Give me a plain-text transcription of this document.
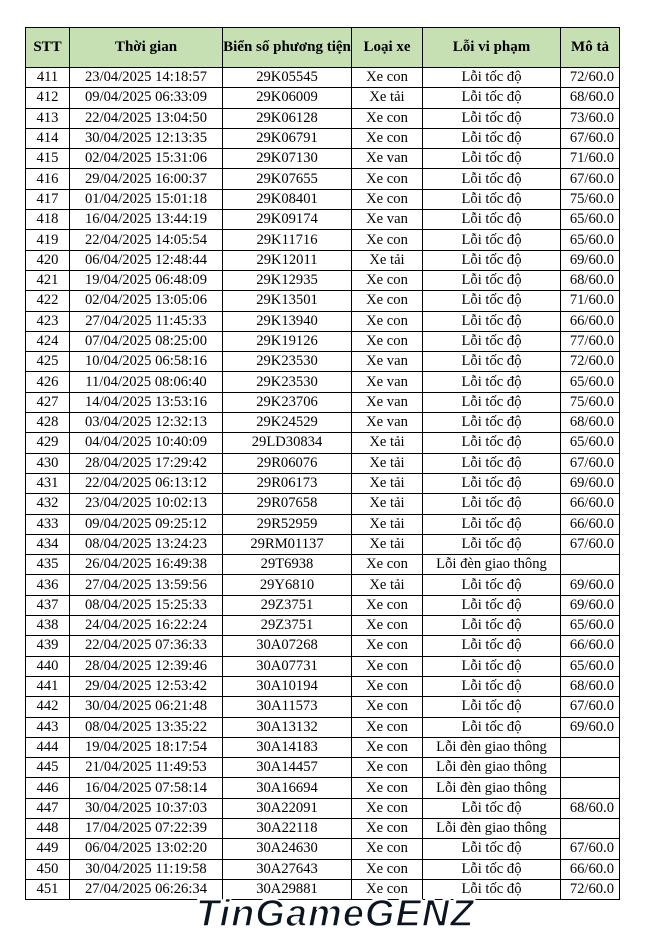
STT	Thời gian	Biển số phương tiện	Loại xe	Lỗi vi phạm	Mô tả
411	23/04/2025 14:18:57	29K05545	Xe con	Lỗi tốc độ	72/60.0
412	09/04/2025 06:33:09	29K06009	Xe tải	Lỗi tốc độ	68/60.0
413	22/04/2025 13:04:50	29K06128	Xe con	Lỗi tốc độ	73/60.0
414	30/04/2025 12:13:35	29K06791	Xe con	Lỗi tốc độ	67/60.0
415	02/04/2025 15:31:06	29K07130	Xe van	Lỗi tốc độ	71/60.0
416	29/04/2025 16:00:37	29K07655	Xe con	Lỗi tốc độ	67/60.0
417	01/04/2025 15:01:18	29K08401	Xe con	Lỗi tốc độ	75/60.0
418	16/04/2025 13:44:19	29K09174	Xe van	Lỗi tốc độ	65/60.0
419	22/04/2025 14:05:54	29K11716	Xe con	Lỗi tốc độ	65/60.0
420	06/04/2025 12:48:44	29K12011	Xe tải	Lỗi tốc độ	69/60.0
421	19/04/2025 06:48:09	29K12935	Xe con	Lỗi tốc độ	68/60.0
422	02/04/2025 13:05:06	29K13501	Xe con	Lỗi tốc độ	71/60.0
423	27/04/2025 11:45:33	29K13940	Xe con	Lỗi tốc độ	66/60.0
424	07/04/2025 08:25:00	29K19126	Xe con	Lỗi tốc độ	77/60.0
425	10/04/2025 06:58:16	29K23530	Xe van	Lỗi tốc độ	72/60.0
426	11/04/2025 08:06:40	29K23530	Xe van	Lỗi tốc độ	65/60.0
427	14/04/2025 13:53:16	29K23706	Xe van	Lỗi tốc độ	75/60.0
428	03/04/2025 12:32:13	29K24529	Xe van	Lỗi tốc độ	68/60.0
429	04/04/2025 10:40:09	29LD30834	Xe tải	Lỗi tốc độ	65/60.0
430	28/04/2025 17:29:42	29R06076	Xe tải	Lỗi tốc độ	67/60.0
431	22/04/2025 06:13:12	29R06173	Xe tải	Lỗi tốc độ	69/60.0
432	23/04/2025 10:02:13	29R07658	Xe tải	Lỗi tốc độ	66/60.0
433	09/04/2025 09:25:12	29R52959	Xe tải	Lỗi tốc độ	66/60.0
434	08/04/2025 13:24:23	29RM01137	Xe tải	Lỗi tốc độ	67/60.0
435	26/04/2025 16:49:38	29T6938	Xe con	Lỗi đèn giao thông	
436	27/04/2025 13:59:56	29Y6810	Xe tải	Lỗi tốc độ	69/60.0
437	08/04/2025 15:25:33	29Z3751	Xe con	Lỗi tốc độ	69/60.0
438	24/04/2025 16:22:24	29Z3751	Xe con	Lỗi tốc độ	65/60.0
439	22/04/2025 07:36:33	30A07268	Xe con	Lỗi tốc độ	66/60.0
440	28/04/2025 12:39:46	30A07731	Xe con	Lỗi tốc độ	65/60.0
441	29/04/2025 12:53:42	30A10194	Xe con	Lỗi tốc độ	68/60.0
442	30/04/2025 06:21:48	30A11573	Xe con	Lỗi tốc độ	67/60.0
443	08/04/2025 13:35:22	30A13132	Xe con	Lỗi tốc độ	69/60.0
444	19/04/2025 18:17:54	30A14183	Xe con	Lỗi đèn giao thông	
445	21/04/2025 11:49:53	30A14457	Xe con	Lỗi đèn giao thông	
446	16/04/2025 07:58:14	30A16694	Xe con	Lỗi đèn giao thông	
447	30/04/2025 10:37:03	30A22091	Xe con	Lỗi tốc độ	68/60.0
448	17/04/2025 07:22:39	30A22118	Xe con	Lỗi đèn giao thông	
449	06/04/2025 13:02:20	30A24630	Xe con	Lỗi tốc độ	67/60.0
450	30/04/2025 11:19:58	30A27643	Xe con	Lỗi tốc độ	66/60.0
451	27/04/2025 06:26:34	30A29881	Xe con	Lỗi tốc độ	72/60.0
TinGameGENZ
